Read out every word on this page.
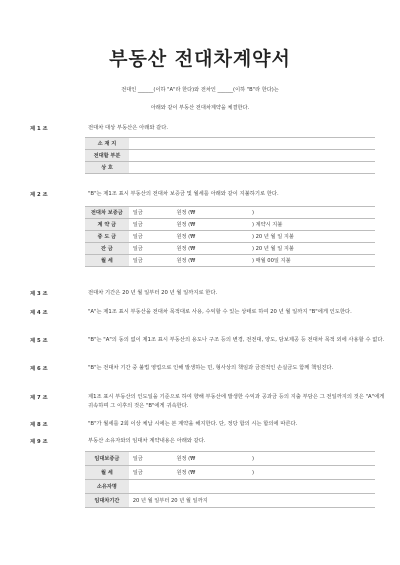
부동산 전대차계약서
전대인 ______(이하 "A"라 한다)와 전차인 ______(이하 "B"라 한다)는
아래와 같이 부동산 전대차계약을 체결한다.
제 1 조	전대차 대상 부동산은 아래와 같다.
소 재 지	
전대할 부분	
상 호	
제 2 조	"B"는 제1조 표시 부동산의 전대차 보증금 및 월세를 아래와 같이 지불하기로 한다.
전대차 보증금	일금	원정 (₩	)
계 약 금	일금	원정 (₩	) 계약시 지불
중 도 금	일금	원정 (₩	) 20 년 월 일 지불
잔 금	일금	원정 (₩	) 20 년 월 일 지불
월 세	일금	원정 (₩	) 매월 00일 지불
제 3 조	전대차 기간은 20 년 월 일부터 20 년 월 일까지로 한다.
제 4 조	"A"는 제1조 표시 부동산을 전대차 목적대로 사용, 수익할 수 있는 상태로 하여 20 년 월 일까지 "B"에게 인도한다.
제 5 조	"B"는 "A"의 동의 없이 제1조 표시 부동산의 용도나 구조 등의 변경, 전전대, 양도, 담보제공 등 전대차 목적 외에 사용할 수 없다.
제 6 조	"B"는 전대차 기간 중 불법 영업으로 인해 발생하는 민, 형사상의 책임과 금전적인 손실금도 함께 책임진다.
제 7 조	제1조 표시 부동산의 인도일을 기준으로 하여 향해 부동산에 발생한 수익과 공과금 등의 지출 부담은 그 전일까지의 것은 "A"에게 귀속하며 그 이후의 것은 "B"에게 귀속한다.
제 8 조	"B"가 월세를 2회 이상 체납 시에는 본 계약을 해지한다. 단, 정당 합의 시는 합의에 따른다.
제 9 조	부동산 소유자와의 임대차 계약내용은 아래와 같다.
임대보증금	일금	원정 (₩	)
월 세	일금	원정 (₩	)
소유자명			
임대차기간	20 년 월 일부터 20 년 월 일까지		
